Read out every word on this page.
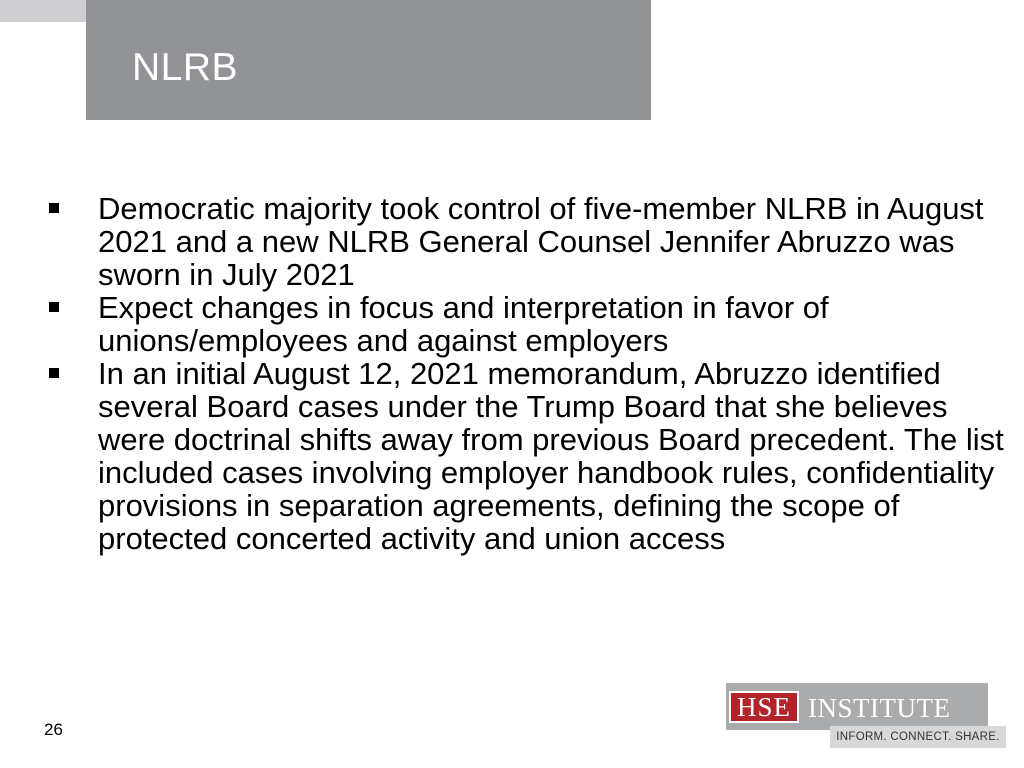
NLRB
Democratic majority took control of five-member NLRB in August 2021 and a new NLRB General Counsel Jennifer Abruzzo was sworn in July 2021
Expect changes in focus and interpretation in favor of unions/employees and against employers
In an initial August 12, 2021 memorandum, Abruzzo identified several Board cases under the Trump Board that she believes were doctrinal shifts away from previous Board precedent. The list included cases involving employer handbook rules, confidentiality provisions in separation agreements, defining the scope of protected concerted activity and union access
26
HSE INSTITUTE
INFORM. CONNECT. SHARE.
